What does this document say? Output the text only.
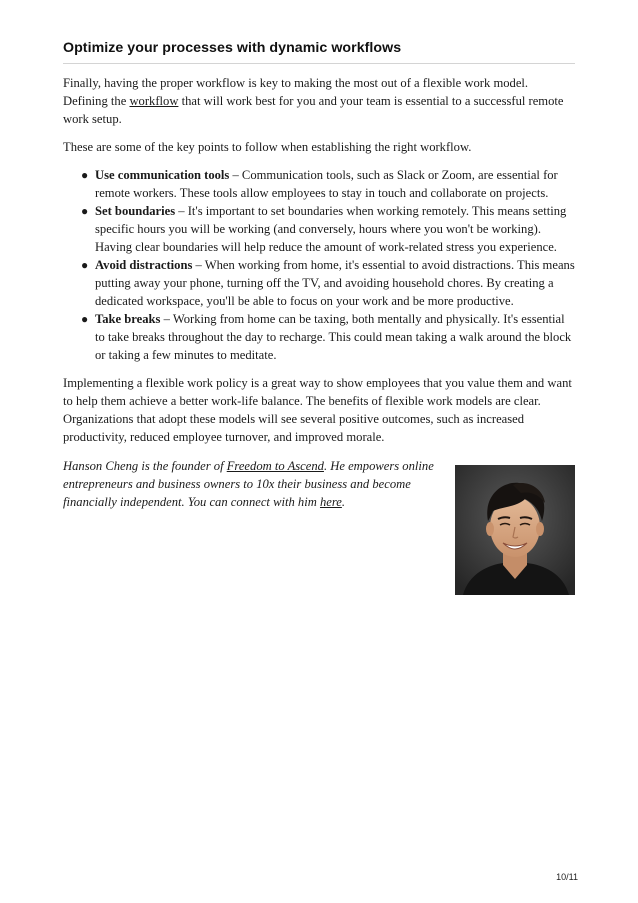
Optimize your processes with dynamic workflows

Finally, having the proper workflow is key to making the most out of a flexible work model. Defining the workflow that will work best for you and your team is essential to a successful remote work setup.

These are some of the key points to follow when establishing the right workflow.

● Use communication tools – Communication tools, such as Slack or Zoom, are essential for remote workers. These tools allow employees to stay in touch and collaborate on projects.
● Set boundaries – It's important to set boundaries when working remotely. This means setting specific hours you will be working (and conversely, hours where you won't be working). Having clear boundaries will help reduce the amount of work-related stress you experience.
● Avoid distractions – When working from home, it's essential to avoid distractions. This means putting away your phone, turning off the TV, and avoiding household chores. By creating a dedicated workspace, you'll be able to focus on your work and be more productive.
● Take breaks – Working from home can be taxing, both mentally and physically. It's essential to take breaks throughout the day to recharge. This could mean taking a walk around the block or taking a few minutes to meditate.

Implementing a flexible work policy is a great way to show employees that you value them and want to help them achieve a better work-life balance. The benefits of flexible work models are clear. Organizations that adopt these models will see several positive outcomes, such as increased productivity, reduced employee turnover, and improved morale.

Hanson Cheng is the founder of Freedom to Ascend. He empowers online entrepreneurs and business owners to 10x their business and become financially independent. You can connect with him here.
10/11
